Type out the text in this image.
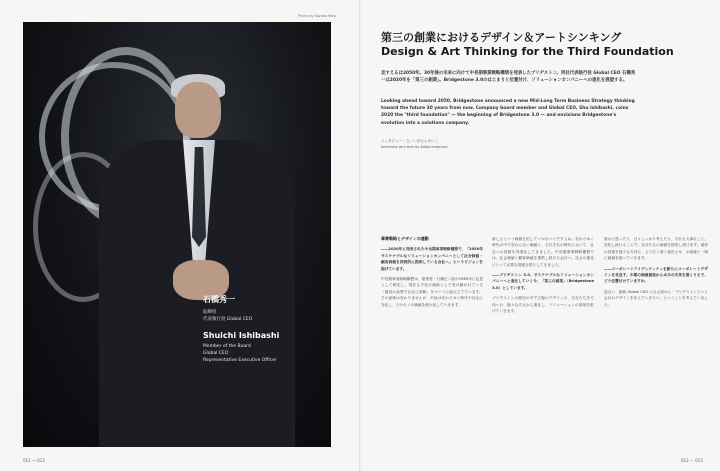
Photo by Kazuko Mizu
石橋秀一
取締役
代表執行役 Global CEO
Shuichi Ishibashi
Member of the Board
Global CEO
Representative Executive Officer
012 ― 013	012 ― 013
第三の創業におけるデザイン＆アートシンキング
Design & Art Thinking for the Third Foundation

見すえるは2050年。30年後の未来に向けて中長期事業戦略構想を発表したブリヂストン。同社代表執行役 Global CEO 石橋秀一は2020年を「第三の創業」。Bridgestone 3.0のはじまりと位置付け、ソリューションカンパニーへの進化を展望する。

Looking ahead toward 2050, Bridgestone announced a new Mid-Long Term Business Strategy thinking toward the future 30 years from now. Company board member and Global CEO, Shu Ishibashi, coins 2020 the "third foundation" — the beginning of Bridgestone 3.0 — and envisions Bridgestone's evolution into a solutions company.

インタビュー・文／いまむらかいこ
Interview and text by Kaiko Imamura

事業戦略とデザインの連動

――2020年に発表された中長期事業戦略構想で、「2050年サステナブルなソリューションカンパニーとして社会価値・顧客価値を持続的に提供している会社へ」というビジョンを掲げています。

中長期事業戦略構想は、創業者・石橋正二郎が1969年に社是として制定し、現在も不変の価値として受け継がれている「最高の品質で社会に貢献」をベースに組み立てています。その意味は変わりませんが、中身は変わりゆく時代や社会に対応し、そのモノの価値を最大化していきます。

新しさという価値を出していかないとですよね。変わりゆく時代の中で変わらない価値と、それぞれの時代において、社会への貢献を具現化してきました。中長期事業戦略構想では、社会価値と顧客価値を提供し続ける会社へ。社会の進化にとって必要な役割を果たしてきました。

――ブリヂストン 3.0、サステナブルなソリューションカンパニーへと進化していく今、「第三の創業」（Bridgestone 3.0）としています。

ブリヂストンの歴史の中で立場のデザインの、自分たちを方向への、様々な次元から進化し、ソリューションの領域を拡げていきます。

誰かに思ったり、日々しっかり考えたり、それも大事なこと。変化し続けることで、自分たちの価値を提供し続けます。素材の技術を様々な方向に、より広く深く進化させ、お客様と一緒に価値を創っていきます。

――コーポレートアイデンティティを新たにコーポレートデザインを見直す。中期の価値創造から本当の未来を描くうえで、どう位置付けていますか。

話ない、最新 Global CEO になる前から「ブリヂストンという会社のデザインを変えていきたい」ということを考えていました。
